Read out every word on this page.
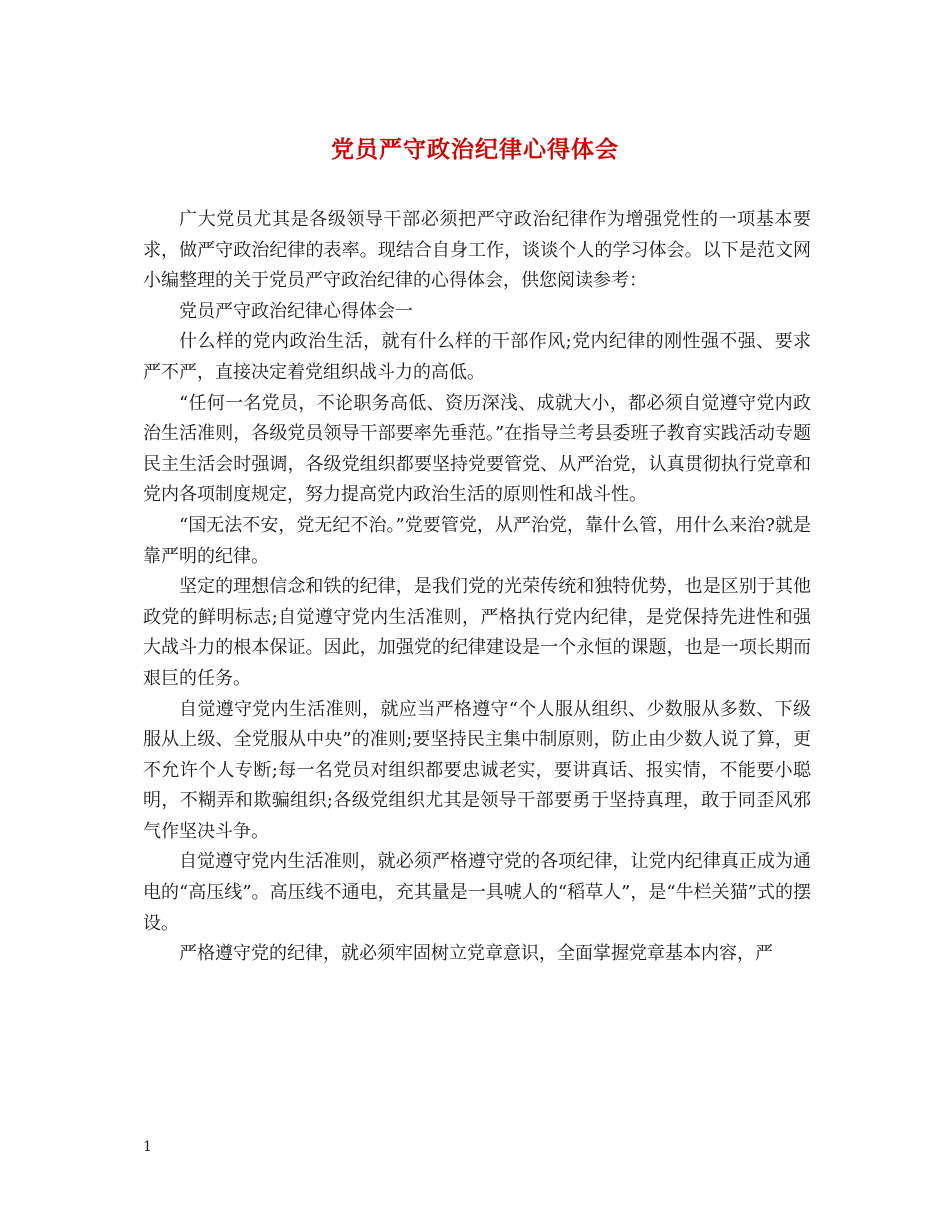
党员严守政治纪律心得体会

广大党员尤其是各级领导干部必须把严守政治纪律作为增强党性的一项基本要求，做严守政治纪律的表率。现结合自身工作，谈谈个人的学习体会。以下是范文网小编整理的关于党员严守政治纪律的心得体会，供您阅读参考：

党员严守政治纪律心得体会一

什么样的党内政治生活，就有什么样的干部作风;党内纪律的刚性强不强、要求严不严，直接决定着党组织战斗力的高低。

“任何一名党员，不论职务高低、资历深浅、成就大小，都必须自觉遵守党内政治生活准则，各级党员领导干部要率先垂范。”在指导兰考县委班子教育实践活动专题民主生活会时强调，各级党组织都要坚持党要管党、从严治党，认真贯彻执行党章和党内各项制度规定，努力提高党内政治生活的原则性和战斗性。

“国无法不安，党无纪不治。”党要管党，从严治党，靠什么管，用什么来治?就是靠严明的纪律。

坚定的理想信念和铁的纪律，是我们党的光荣传统和独特优势，也是区别于其他政党的鲜明标志;自觉遵守党内生活准则，严格执行党内纪律，是党保持先进性和强大战斗力的根本保证。因此，加强党的纪律建设是一个永恒的课题，也是一项长期而艰巨的任务。

自觉遵守党内生活准则，就应当严格遵守“个人服从组织、少数服从多数、下级服从上级、全党服从中央”的准则;要坚持民主集中制原则，防止由少数人说了算，更不允许个人专断;每一名党员对组织都要忠诚老实，要讲真话、报实情，不能要小聪明，不糊弄和欺骗组织;各级党组织尤其是领导干部要勇于坚持真理，敢于同歪风邪气作坚决斗争。

自觉遵守党内生活准则，就必须严格遵守党的各项纪律，让党内纪律真正成为通电的“高压线”。高压线不通电，充其量是一具唬人的“稻草人”，是“牛栏关猫”式的摆设。

严格遵守党的纪律，就必须牢固树立党章意识，全面掌握党章基本内容，严

1
